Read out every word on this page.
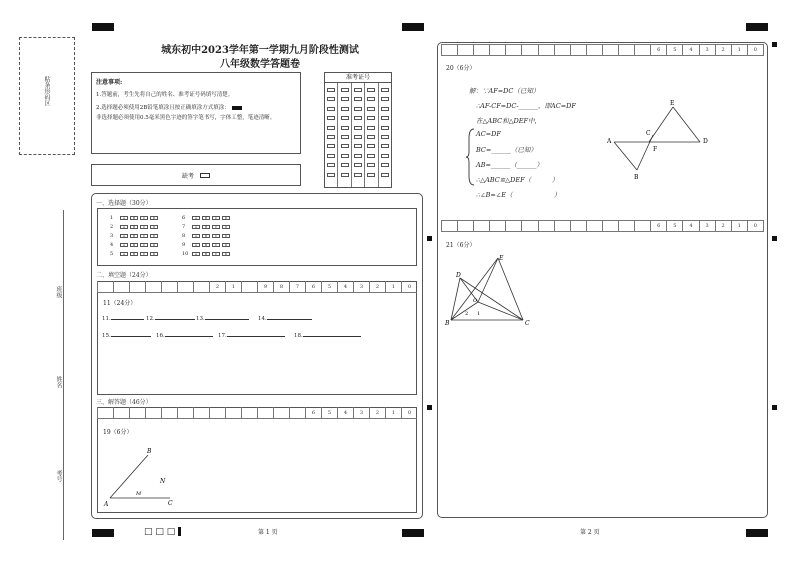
粘条形码区
班级
姓名
考号
城东初中2023学年第一学期九月阶段性测试
八年级数学答题卷
注意事项:
1.答题前，考生先将自己的姓名、准考证号码填写清楚。
2.选择题必须使用2B铅笔填涂且按正确填涂方式填涂：
非选择题必须使用0.5毫米黑色字迹的签字笔书写，字体工整，笔迹清晰。
准考证号
缺考
一、选择题（30分）
1	A	B	C	D
2	A	B	C	D
3	A	B	C	D
4	A	B	C	D
5	A	B	C	D
6	A	B	C	D
7	A	B	C	D
8	A	B	C	D
9	A	B	C	D
10	A	B	C	D
二、填空题（24分）
2	1	9	8	7	6	5	4	3	2	1	0
11（24分）
11.	12.	13.	14.
15.	16.	17.	18.
三、解答题（46分）
6	5	4	3	2	1	0
19（6分）
A
B
C
M
N
□ □ □	第 1 页
6	5	4	3	2	1	0
20（6分）
解：∵AF=DC（已知）
∴AF-CF=DC-______，即AC=DF
在△ABC和△DEF中，
AC=DF
BC=______（已知）
AB=______（______）
∴△ABC≌△DEF（          ）
∴∠B=∠E（                    ）
A
B
C
D
E
F
6	5	4	3	2	1	0
21（6分）
B	C
D
E
O
1
2
第 2 页
